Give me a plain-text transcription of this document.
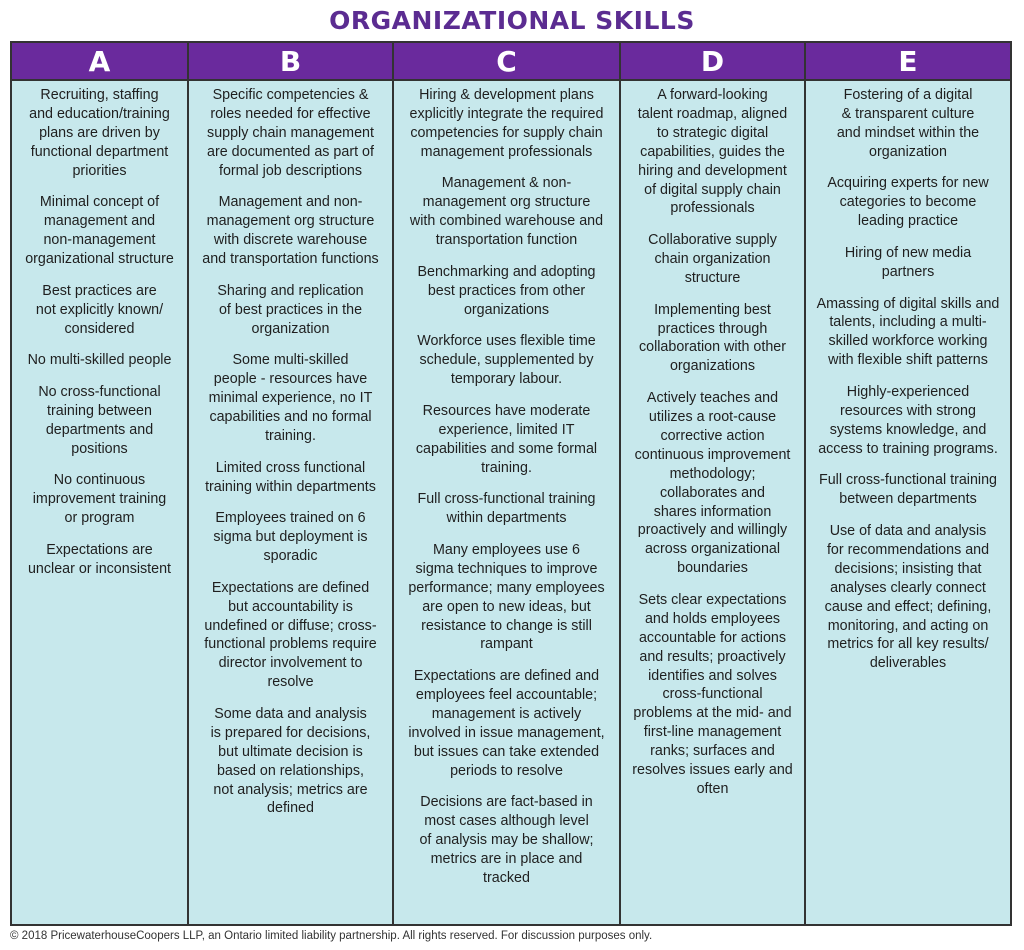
ORGANIZATIONAL SKILLS
A
Recruiting, staffing
and education/training
plans are driven by
functional department
priorities
Minimal concept of
management and
non-management
organizational structure
Best practices are
not explicitly known/
considered
No multi-skilled people
No cross-functional
training between
departments and
positions
No continuous
improvement training
or program
Expectations are
unclear or inconsistent
B
Specific competencies &
roles needed for effective
supply chain management
are documented as part of
formal job descriptions
Management and non-
management org structure
with discrete warehouse
and transportation functions
Sharing and replication
of best practices in the
organization
Some multi-skilled
people - resources have
minimal experience, no IT
capabilities and no formal
training.
Limited cross functional
training within departments
Employees trained on 6
sigma but deployment is
sporadic
Expectations are defined
but accountability is
undefined or diffuse; cross-
functional problems require
director involvement to
resolve
Some data and analysis
is prepared for decisions,
but ultimate decision is
based on relationships,
not analysis; metrics are
defined
C
Hiring & development plans
explicitly integrate the required
competencies for supply chain
management professionals
Management & non-
management org structure
with combined warehouse and
transportation function
Benchmarking and adopting
best practices from other
organizations
Workforce uses flexible time
schedule, supplemented by
temporary labour.
Resources have moderate
experience, limited IT
capabilities and some formal
training.
Full cross-functional training
within departments
Many employees use 6
sigma techniques to improve
performance; many employees
are open to new ideas, but
resistance to change is still
rampant
Expectations are defined and
employees feel accountable;
management is actively
involved in issue management,
but issues can take extended
periods to resolve
Decisions are fact-based in
most cases although level
of analysis may be shallow;
metrics are in place and
tracked
D
A forward-looking
talent roadmap, aligned
to strategic digital
capabilities, guides the
hiring and development
of digital supply chain
professionals
Collaborative supply
chain organization
structure
Implementing best
practices through
collaboration with other
organizations
Actively teaches and
utilizes a root-cause
corrective action
continuous improvement
methodology;
collaborates and
shares information
proactively and willingly
across organizational
boundaries
Sets clear expectations
and holds employees
accountable for actions
and results; proactively
identifies and solves
cross-functional
problems at the mid- and
first-line management
ranks; surfaces and
resolves issues early and
often
E
Fostering of a digital
& transparent culture
and mindset within the
organization
Acquiring experts for new
categories to become
leading practice
Hiring of new media
partners
Amassing of digital skills and
talents, including a multi-
skilled workforce working
with flexible shift patterns
Highly-experienced
resources with strong
systems knowledge, and
access to training programs.
Full cross-functional training
between departments
Use of data and analysis
for recommendations and
decisions; insisting that
analyses clearly connect
cause and effect; defining,
monitoring, and acting on
metrics for all key results/
deliverables
© 2018 PricewaterhouseCoopers LLP, an Ontario limited liability partnership. All rights reserved. For discussion purposes only.
